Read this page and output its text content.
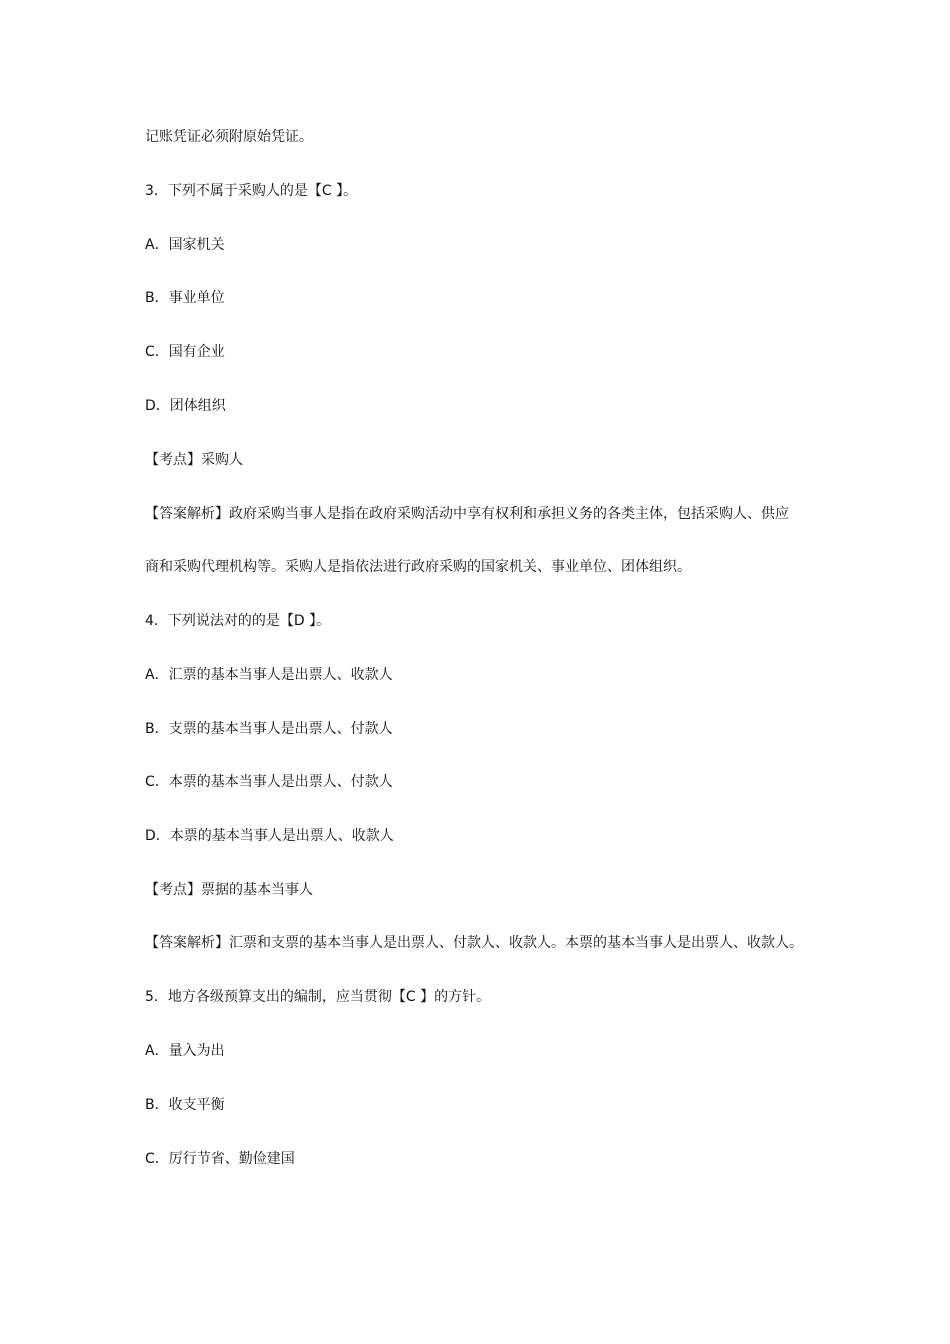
记账凭证必须附原始凭证。
3．下列不属于采购人的是【C 】。
A．国家机关
B．事业单位
C．国有企业
D．团体组织
【考点】采购人
【答案解析】政府采购当事人是指在政府采购活动中享有权利和承担义务的各类主体，包括采购人、供应
商和采购代理机构等。采购人是指依法进行政府采购的国家机关、事业单位、团体组织。
4．下列说法对的的是【D 】。
A．汇票的基本当事人是出票人、收款人
B．支票的基本当事人是出票人、付款人
C．本票的基本当事人是出票人、付款人
D．本票的基本当事人是出票人、收款人
【考点】票据的基本当事人
【答案解析】汇票和支票的基本当事人是出票人、付款人、收款人。本票的基本当事人是出票人、收款人。
5．地方各级预算支出的编制，应当贯彻【C 】的方针。
A．量入为出
B．收支平衡
C．厉行节省、勤俭建国
